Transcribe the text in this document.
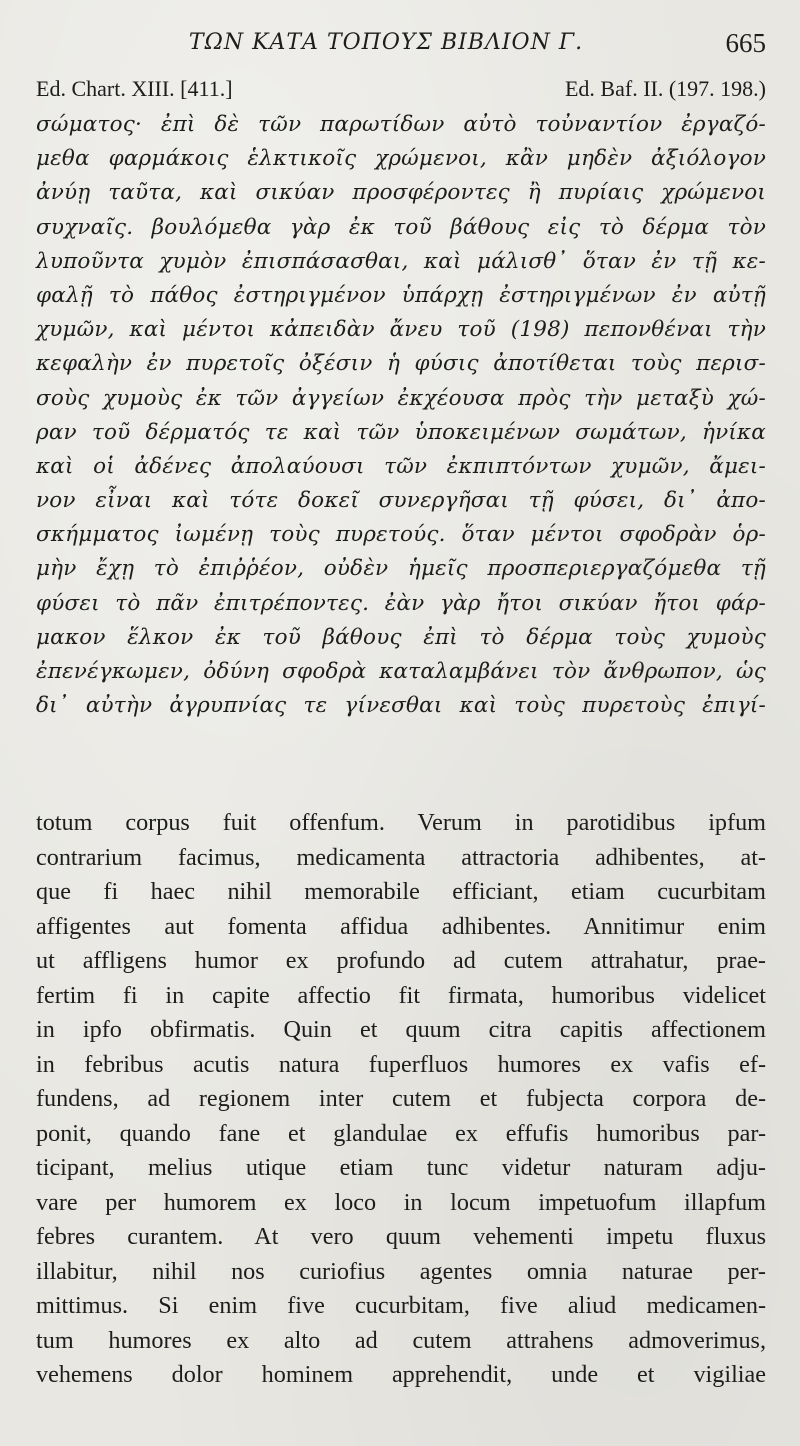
ΤΩΝ ΚΑΤΑ ΤΟΠΟΥΣ ΒΙΒΛΙΟΝ Γ.	665
Ed. Chart. XIII. [411.]	Ed. Baf. II. (197. 198.)
σώματος· ἐπὶ δὲ τῶν παρωτίδων αὐτὸ τοὐναντίον ἐργαζό-
μεθα φαρμάκοις ἑλκτικοῖς χρώμενοι, κἂν μηδὲν ἀξιόλογον
ἀνύῃ ταῦτα, καὶ σικύαν προσφέροντες ἢ πυρίαις χρώμενοι
συχναῖς. βουλόμεθα γὰρ ἐκ τοῦ βάθους εἰς τὸ δέρμα τὸν
λυποῦντα χυμὸν ἐπισπάσασθαι, καὶ μάλισθ᾽ ὅταν ἐν τῇ κε-
φαλῇ τὸ πάθος ἐστηριγμένον ὑπάρχῃ ἐστηριγμένων ἐν αὐτῇ
χυμῶν, καὶ μέντοι κἀπειδὰν ἄνευ τοῦ (198) πεπονθέναι τὴν
κεφαλὴν ἐν πυρετοῖς ὀξέσιν ἡ φύσις ἀποτίθεται τοὺς περισ-
σοὺς χυμοὺς ἐκ τῶν ἀγγείων ἐκχέουσα πρὸς τὴν μεταξὺ χώ-
ραν τοῦ δέρματός τε καὶ τῶν ὑποκειμένων σωμάτων, ἡνίκα
καὶ οἱ ἀδένες ἀπολαύουσι τῶν ἐκπιπτόντων χυμῶν, ἄμει-
νον εἶναι καὶ τότε δοκεῖ συνεργῆσαι τῇ φύσει, δι᾽ ἀπο-
σκήμματος ἰωμένῃ τοὺς πυρετούς. ὅταν μέντοι σφοδρὰν ὁρ-
μὴν ἔχῃ τὸ ἐπιῤῥέον, οὐδὲν ἡμεῖς προσπεριεργαζόμεθα τῇ
φύσει τὸ πᾶν ἐπιτρέποντες. ἐὰν γὰρ ἤτοι σικύαν ἤτοι φάρ-
μακον ἕλκον ἐκ τοῦ βάθους ἐπὶ τὸ δέρμα τοὺς χυμοὺς
ἐπενέγκωμεν, ὀδύνη σφοδρὰ καταλαμβάνει τὸν ἄνθρωπον, ὡς
δι᾽ αὐτὴν ἀγρυπνίας τε γίνεσθαι καὶ τοὺς πυρετοὺς ἐπιγί-
totum corpus fuit offenfum. Verum in parotidibus ipfum
contrarium facimus, medicamenta attractoria adhibentes, at-
que fi haec nihil memorabile efficiant, etiam cucurbitam
affigentes aut fomenta affidua adhibentes. Annitimur enim
ut affligens humor ex profundo ad cutem attrahatur, prae-
fertim fi in capite affectio fit firmata, humoribus videlicet
in ipfo obfirmatis. Quin et quum citra capitis affectionem
in febribus acutis natura fuperfluos humores ex vafis ef-
fundens, ad regionem inter cutem et fubjecta corpora de-
ponit, quando fane et glandulae ex effufis humoribus par-
ticipant, melius utique etiam tunc videtur naturam adju-
vare per humorem ex loco in locum impetuofum illapfum
febres curantem. At vero quum vehementi impetu fluxus
illabitur, nihil nos curiofius agentes omnia naturae per-
mittimus. Si enim five cucurbitam, five aliud medicamen-
tum humores ex alto ad cutem attrahens admoverimus,
vehemens dolor hominem apprehendit, unde et vigiliae
